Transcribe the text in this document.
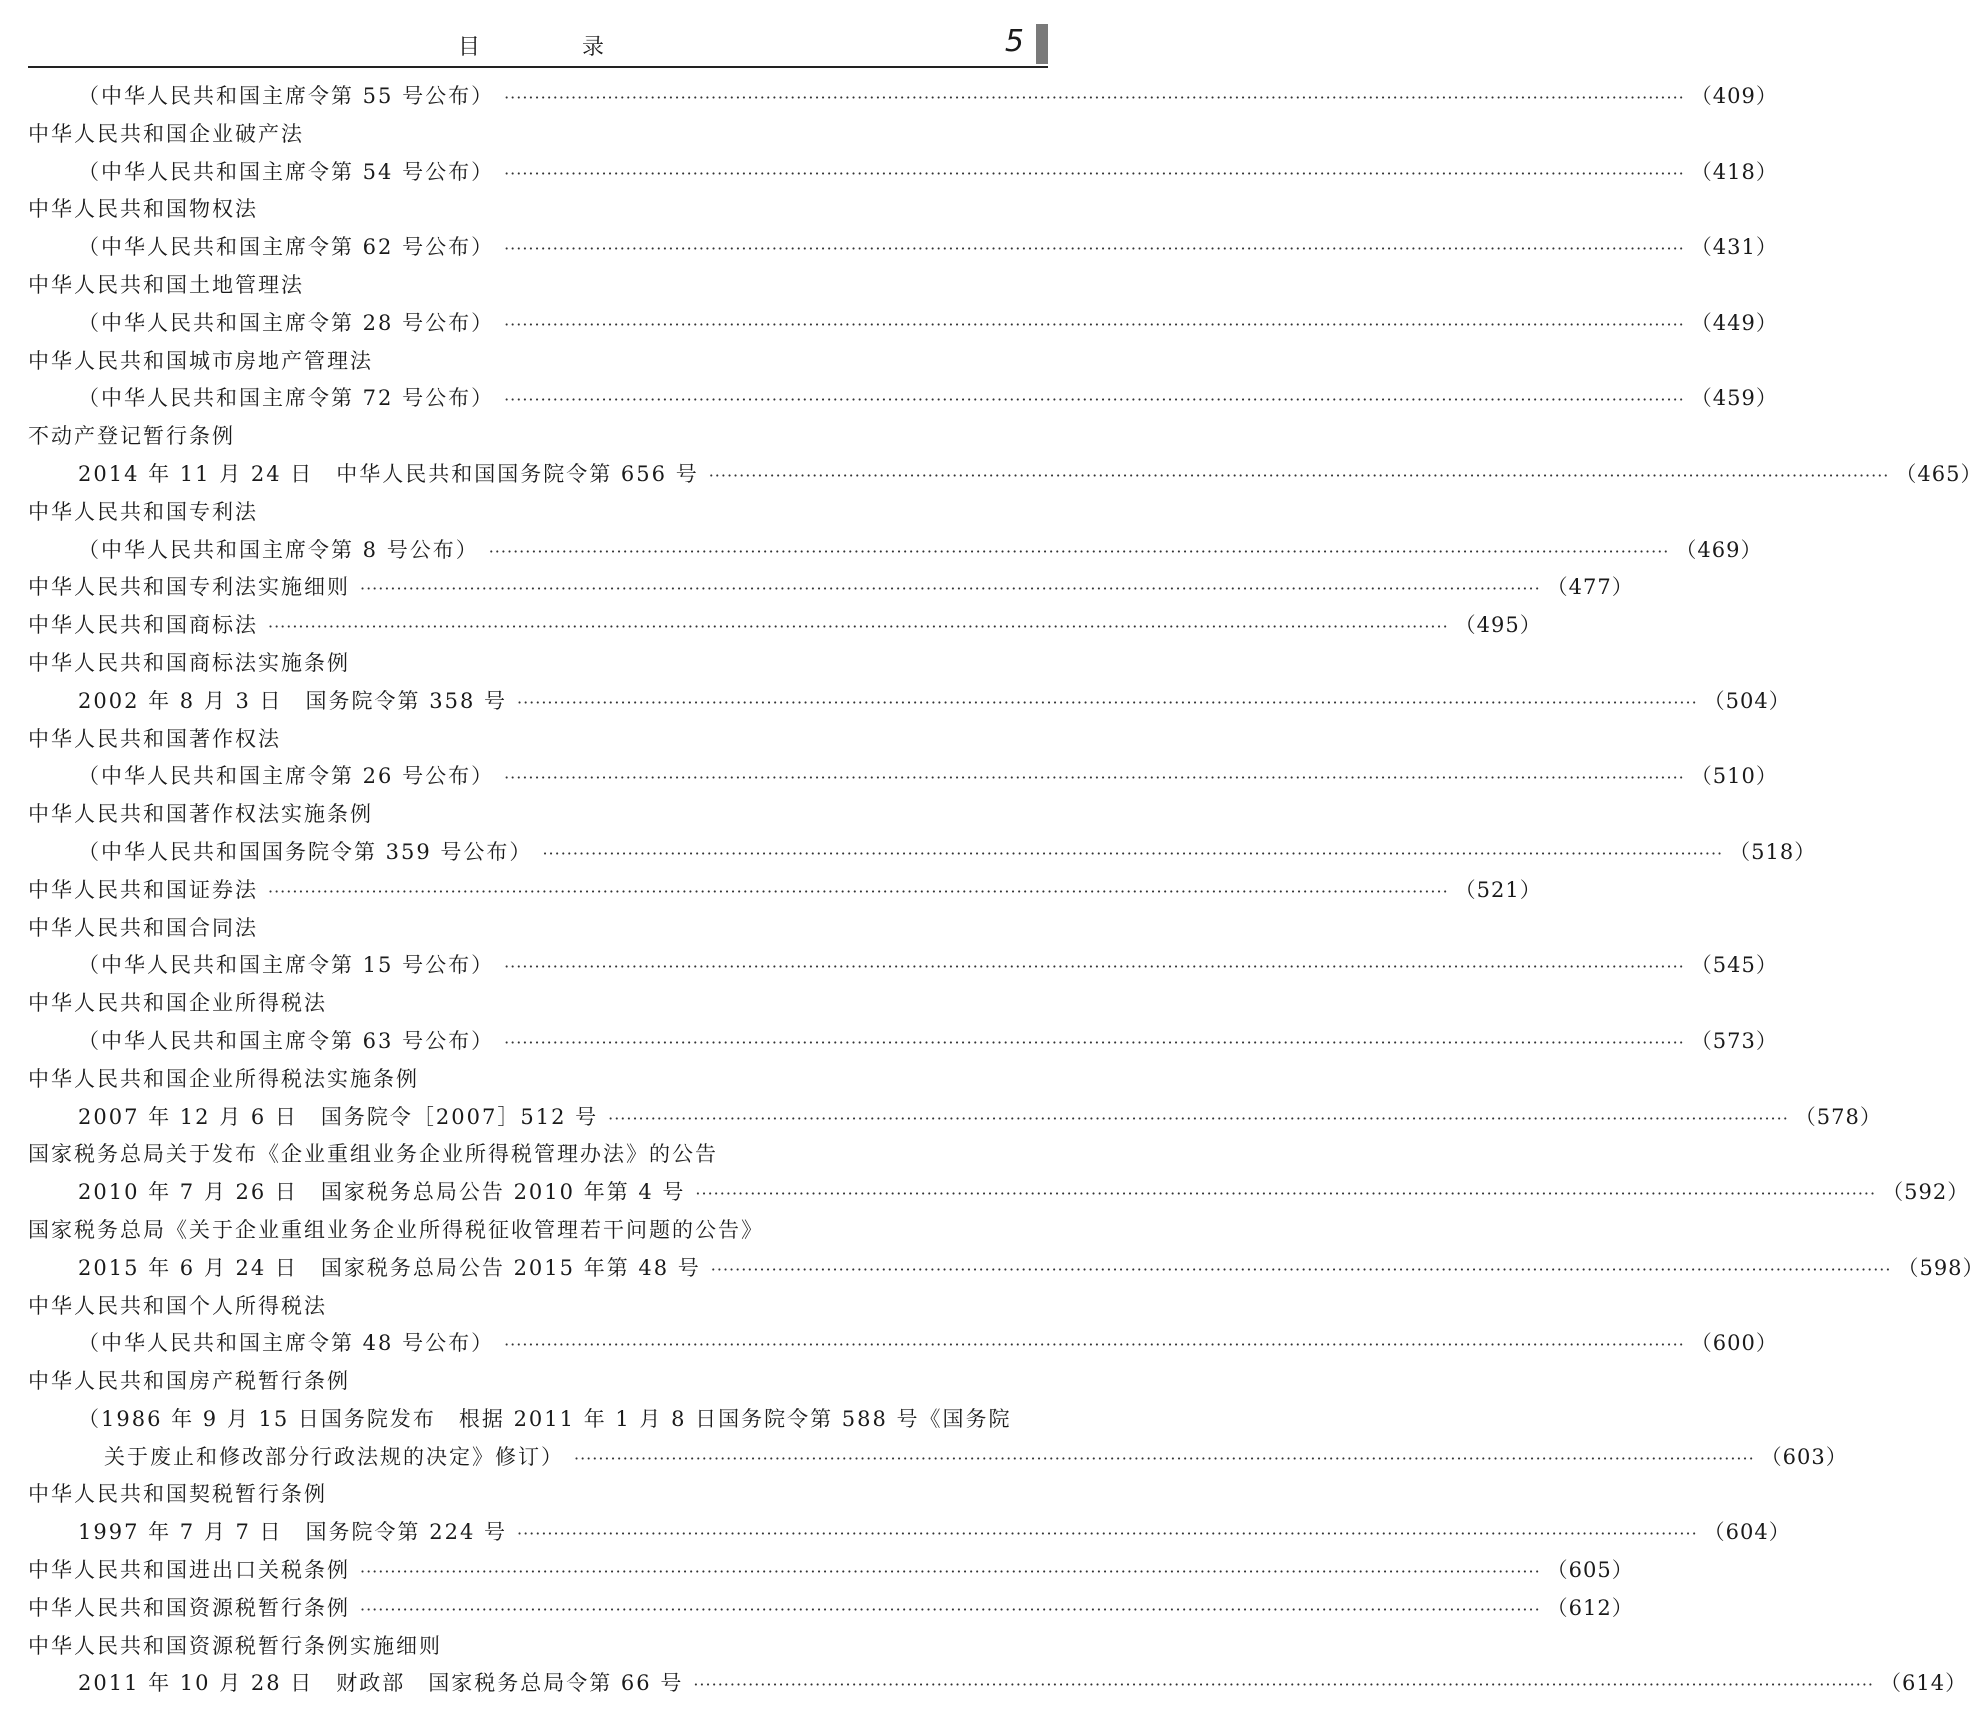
目　录	5
（中华人民共和国主席令第 55 号公布） ·····	（ 409 ）
中华人民共和国企业破产法
（中华人民共和国主席令第 54 号公布） ·····	（ 418 ）
中华人民共和国物权法
（中华人民共和国主席令第 62 号公布） ·····	（ 431 ）
中华人民共和国土地管理法
（中华人民共和国主席令第 28 号公布） ·····	（ 449 ）
中华人民共和国城市房地产管理法
（中华人民共和国主席令第 72 号公布） ·····	（ 459 ）
不动产登记暂行条例
2014 年 11 月 24 日　中华人民共和国国务院令第 656 号 ·····	（ 465 ）
中华人民共和国专利法
（中华人民共和国主席令第 8 号公布） ·····	（ 469 ）
中华人民共和国专利法实施细则 ·····	（ 477 ）
中华人民共和国商标法 ·····	（ 495 ）
中华人民共和国商标法实施条例
2002 年 8 月 3 日　国务院令第 358 号 ·····	（ 504 ）
中华人民共和国著作权法
（中华人民共和国主席令第 26 号公布） ·····	（ 510 ）
中华人民共和国著作权法实施条例
（中华人民共和国国务院令第 359 号公布） ·····	（ 518 ）
中华人民共和国证券法 ·····	（ 521 ）
中华人民共和国合同法
（中华人民共和国主席令第 15 号公布） ·····	（ 545 ）
中华人民共和国企业所得税法
（中华人民共和国主席令第 63 号公布） ·····	（ 573 ）
中华人民共和国企业所得税法实施条例
2007 年 12 月 6 日　国务院令［2007］512 号 ·····	（ 578 ）
国家税务总局关于发布《企业重组业务企业所得税管理办法》的公告
2010 年 7 月 26 日　国家税务总局公告 2010 年第 4 号 ·····	（ 592 ）
国家税务总局《关于企业重组业务企业所得税征收管理若干问题的公告》
2015 年 6 月 24 日　国家税务总局公告 2015 年第 48 号 ·····	（ 598 ）
中华人民共和国个人所得税法
（中华人民共和国主席令第 48 号公布） ·····	（ 600 ）
中华人民共和国房产税暂行条例
（1986 年 9 月 15 日国务院发布　根据 2011 年 1 月 8 日国务院令第 588 号《国务院
关于废止和修改部分行政法规的决定》修订） ·····	（ 603 ）
中华人民共和国契税暂行条例
1997 年 7 月 7 日　国务院令第 224 号 ·····	（ 604 ）
中华人民共和国进出口关税条例 ·····	（ 605 ）
中华人民共和国资源税暂行条例 ·····	（ 612 ）
中华人民共和国资源税暂行条例实施细则
2011 年 10 月 28 日　财政部　国家税务总局令第 66 号 ·····	（ 614 ）
